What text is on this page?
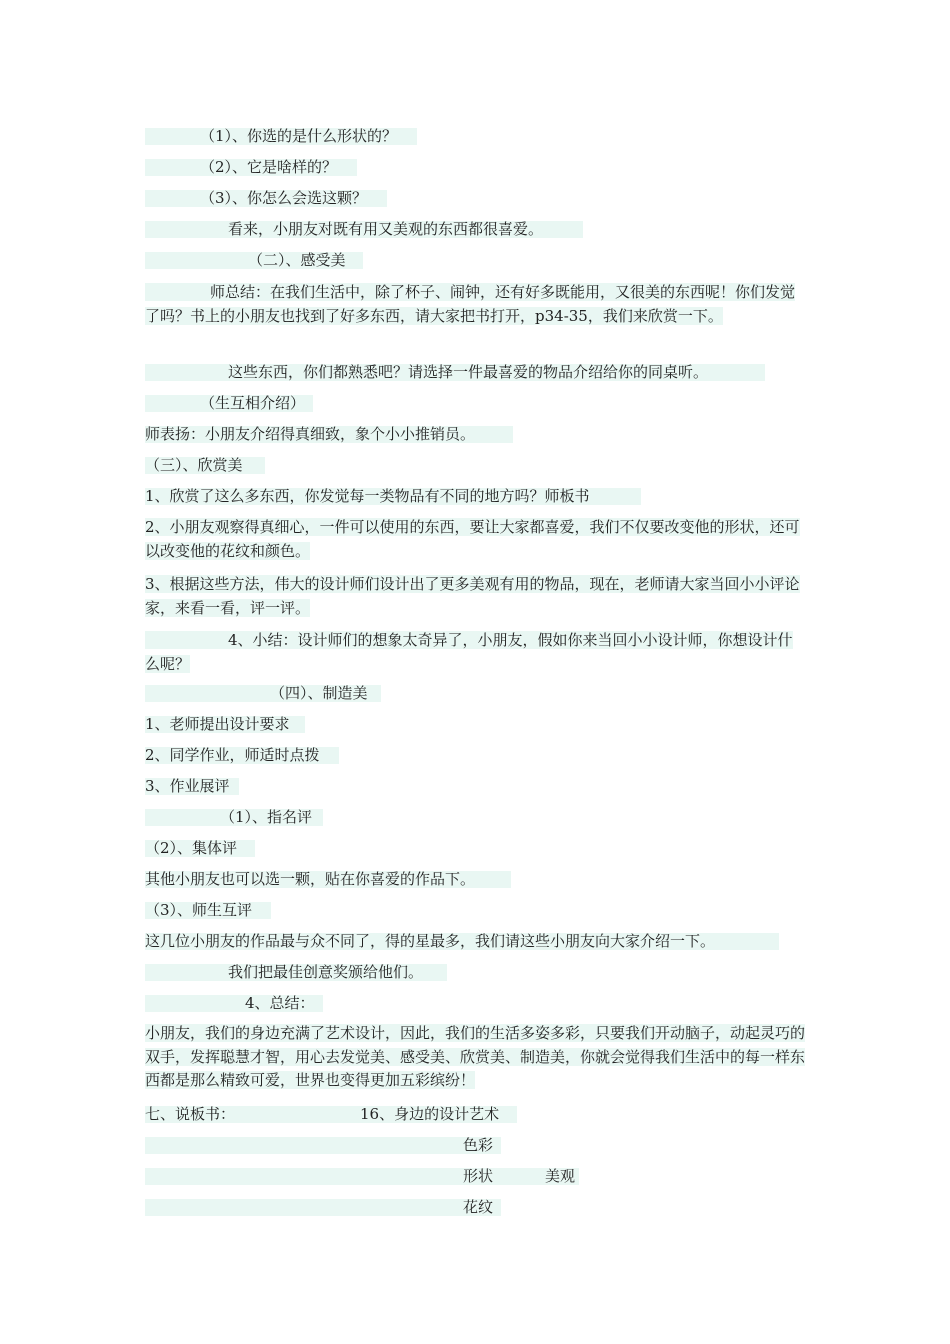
（1）、你选的是什么形状的？
（2）、它是啥样的？
（3）、你怎么会选这颗？
看来，小朋友对既有用又美观的东西都很喜爱。
（二）、感受美
师总结：在我们生活中，除了杯子、闹钟，还有好多既能用，又很美的东西呢！你们发觉了吗？书上的小朋友也找到了好多东西，请大家把书打开，p34-35，我们来欣赏一下。
这些东西，你们都熟悉吧？请选择一件最喜爱的物品介绍给你的同桌听。
（生互相介绍）
师表扬：小朋友介绍得真细致，象个小小推销员。
（三）、欣赏美
1、欣赏了这么多东西，你发觉每一类物品有不同的地方吗？师板书
2、小朋友观察得真细心，一件可以使用的东西，要让大家都喜爱，我们不仅要改变他的形状，还可以改变他的花纹和颜色。
3、根据这些方法，伟大的设计师们设计出了更多美观有用的物品，现在，老师请大家当回小小评论家，来看一看，评一评。
4、小结：设计师们的想象太奇异了，小朋友，假如你来当回小小设计师，你想设计什么呢？
（四）、制造美
1、老师提出设计要求
2、同学作业，师适时点拨
3、作业展评
（1）、指名评
（2）、集体评
其他小朋友也可以选一颗，贴在你喜爱的作品下。
（3）、师生互评
这几位小朋友的作品最与众不同了，得的星最多，我们请这些小朋友向大家介绍一下。
我们把最佳创意奖颁给他们。
4、总结：
小朋友，我们的身边充满了艺术设计，因此，我们的生活多姿多彩，只要我们开动脑子，动起灵巧的双手，发挥聪慧才智，用心去发觉美、感受美、欣赏美、制造美，你就会觉得我们生活中的每一样东西都是那么精致可爱，世界也变得更加五彩缤纷！
七、说板书：	16、身边的设计艺术
色彩
形状	美观
花纹
